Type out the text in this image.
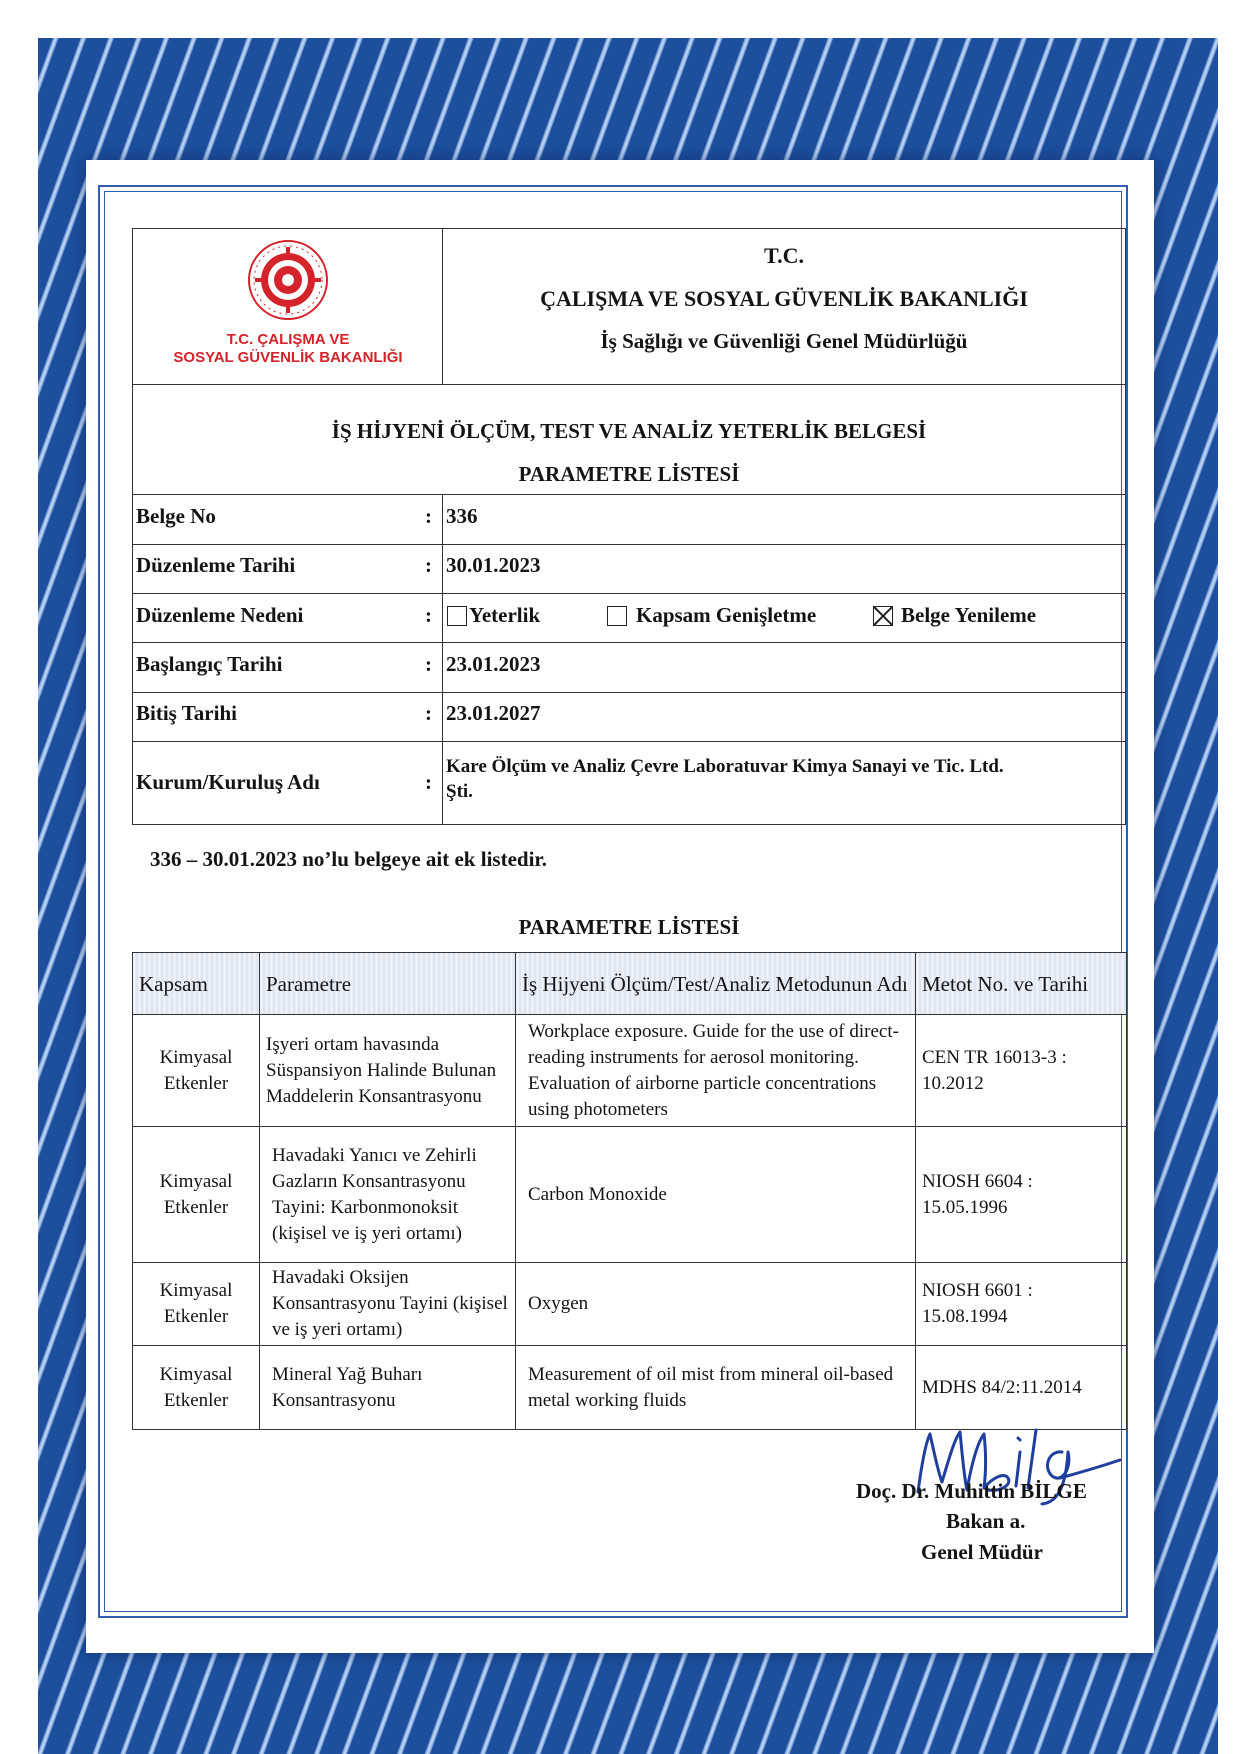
T.C. ÇALIŞMA VE
SOSYAL GÜVENLİK BAKANLIĞI
T.C.
ÇALIŞMA VE SOSYAL GÜVENLİK BAKANLIĞI
İş Sağlığı ve Güvenliği Genel Müdürlüğü
İŞ HİJYENİ ÖLÇÜM, TEST VE ANALİZ YETERLİK BELGESİ
PARAMETRE LİSTESİ
Belge No	: 336
Düzenleme Tarihi	: 30.01.2023
Düzenleme Nedeni	: Yeterlik	Kapsam Genişletme	Belge Yenileme
Başlangıç Tarihi	: 23.01.2023
Bitiş Tarihi	: 23.01.2027
Kurum/Kuruluş Adı	:
Kare Ölçüm ve Analiz Çevre Laboratuvar Kimya Sanayi ve Tic. Ltd.
Şti.
336 – 30.01.2023 no’lu belgeye ait ek listedir.
PARAMETRE LİSTESİ
Kapsam	Parametre	İş Hijyeni Ölçüm/Test/Analiz Metodunun Adı	Metot No. ve Tarihi
Kimyasal Etkenler	Işyeri ortam havasında Süspansiyon Halinde Bulunan Maddelerin Konsantrasyonu	Workplace exposure. Guide for the use of direct-reading instruments for aerosol monitoring. Evaluation of airborne particle concentrations using photometers	CEN TR 16013-3 : 10.2012
Kimyasal Etkenler	Havadaki Yanıcı ve Zehirli Gazların Konsantrasyonu Tayini: Karbonmonoksit (kişisel ve iş yeri ortamı)	Carbon Monoxide	NIOSH 6604 : 15.05.1996
Kimyasal Etkenler	Havadaki Oksijen Konsantrasyonu Tayini (kişisel ve iş yeri ortamı)	Oxygen	NIOSH 6601 : 15.08.1994
Kimyasal Etkenler	Mineral Yağ Buharı Konsantrasyonu	Measurement of oil mist from mineral oil-based metal working fluids	MDHS 84/2:11.2014
Doç. Dr. Muhittin BİLGE
Bakan a.
Genel Müdür
